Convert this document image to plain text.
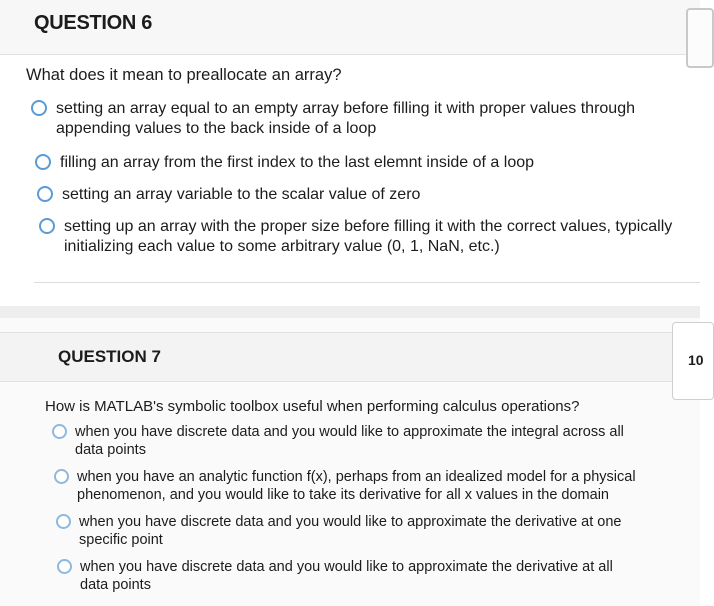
QUESTION 6
What does it mean to preallocate an array?
setting an array equal to an empty array before filling it with proper values through
appending values to the back inside of a loop
filling an array from the first index to the last elemnt inside of a loop
setting an array variable to the scalar value of zero
setting up an array with the proper size before filling it with the correct values, typically
initializing each value to some arbitrary value (0, 1, NaN, etc.)
QUESTION 7	10
How is MATLAB's symbolic toolbox useful when performing calculus operations?
when you have discrete data and you would like to approximate the integral across all
data points
when you have an analytic function f(x), perhaps from an idealized model for a physical
phenomenon, and you would like to take its derivative for all x values in the domain
when you have discrete data and you would like to approximate the derivative at one
specific point
when you have discrete data and you would like to approximate the derivative at all
data points
